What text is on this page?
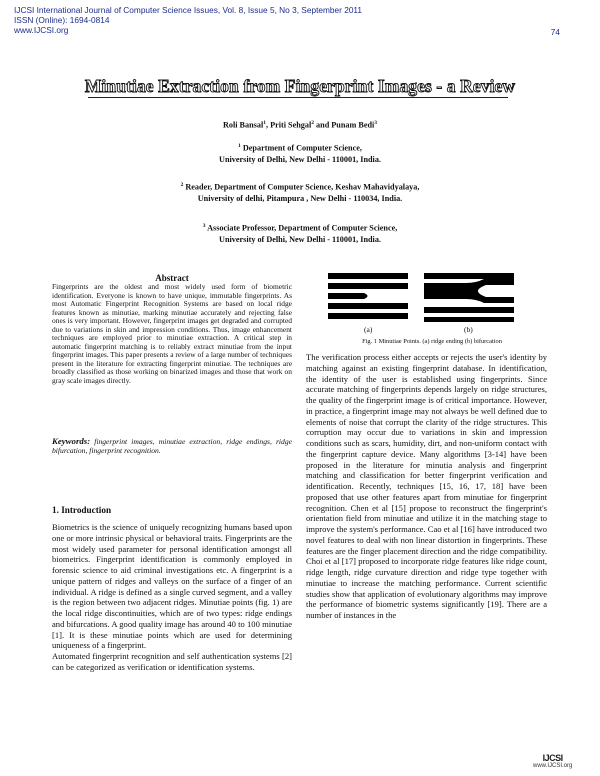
IJCSI International Journal of Computer Science Issues, Vol. 8, Issue 5, No 3, September 2011
ISSN (Online): 1694-0814
www.IJCSI.org	74
Minutiae Extraction from Fingerprint Images - a Review
Roli Bansal$^1$, Priti Sehgal$^2$ and Punam Bedi$^3$
$^1$ Department of Computer Science,
University of Delhi, New Delhi - 110001, India.
$^2$ Reader, Department of Computer Science, Keshav Mahavidyalaya,
University of delhi, Pitampura , New Delhi - 110034, India.
$^3$ Associate Professor, Department of Computer Science,
University of Delhi, New Delhi - 110001, India.
Abstract
Fingerprints are the oldest and most widely used form of biometric identification. Everyone is known to have unique, immutable fingerprints. As most Automatic Fingerprint Recognition Systems are based on local ridge features known as minutiae, marking minutiae accurately and rejecting false ones is very important. However, fingerprint images get degraded and corrupted due to variations in skin and impression conditions. Thus, image enhancement techniques are employed prior to minutiae extraction. A critical step in automatic fingerprint matching is to reliably extract minutiae from the input fingerprint images. This paper presents a review of a large number of techniques present in the literature for extracting fingerprint minutiae. The techniques are broadly classified as those working on binarized images and those that work on gray scale images directly.
Keywords: fingerprint images, minutiae extraction, ridge endings, ridge bifurcation, fingerprint recognition.
1. Introduction

Biometrics is the science of uniquely recognizing humans based upon one or more intrinsic physical or behavioral traits. Fingerprints are the most widely used parameter for personal identification amongst all biometrics. Fingerprint identification is commonly employed in forensic science to aid criminal investigations etc. A fingerprint is a unique pattern of ridges and valleys on the surface of a finger of an individual. A ridge is defined as a single curved segment, and a valley is the region between two adjacent ridges. Minutiae points (fig. 1) are the local ridge discontinuities, which are of two types: ridge endings and bifurcations. A good quality image has around 40 to 100 minutiae [1]. It is these minutiae points which are used for determining uniqueness of a fingerprint.

Automated fingerprint recognition and self authentication systems [2] can be categorized as verification or identification systems.

(a)	(b)
Fig. 1 Minutiae Points. (a) ridge ending (b) bifurcation

The verification process either accepts or rejects the user's identity by matching against an existing fingerprint database. In identification, the identity of the user is established using fingerprints. Since accurate matching of fingerprints depends largely on ridge structures, the quality of the fingerprint image is of critical importance. However, in practice, a fingerprint image may not always be well defined due to elements of noise that corrupt the clarity of the ridge structures. This corruption may occur due to variations in skin and impression conditions such as scars, humidity, dirt, and non-uniform contact with the fingerprint capture device. Many algorithms [3-14] have been proposed in the literature for minutia analysis and fingerprint matching and classification for better fingerprint verification and identification. Recently, techniques [15, 16, 17, 18] have been proposed that use other features apart from minutiae for fingerprint recognition. Chen et al [15] propose to reconstruct the fingerprint's orientation field from minutiae and utilize it in the matching stage to improve the system's performance. Cao et al [16] have introduced two novel features to deal with non linear distortion in fingerprints. These features are the finger placement direction and the ridge compatibility. Choi et al [17] proposed to incorporate ridge features like ridge count, ridge length, ridge curvature direction and ridge type together with minutiae to increase the matching performance. Current scientific studies show that application of evolutionary algorithms may improve the performance of biometric systems significantly [19]. There are a number of instances in the

IJCSI
www.IJCSI.org
